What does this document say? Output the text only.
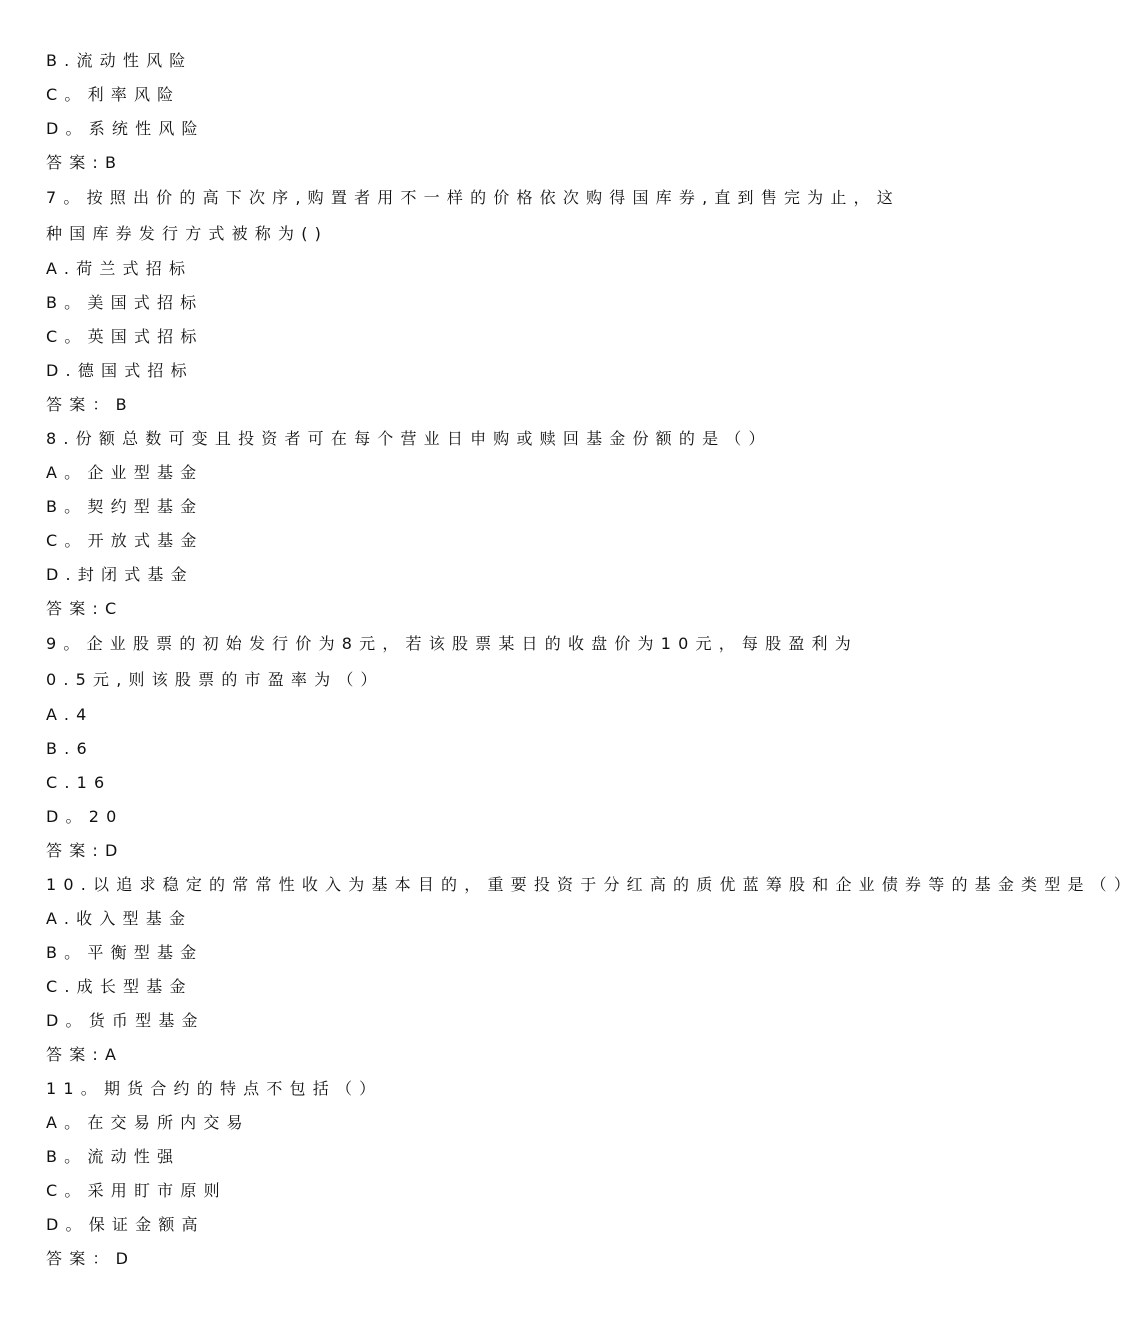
B.流动性风险
C。利率风险
D。系统性风险
答案:B
7。按照出价的高下次序,购置者用不一样的价格依次购得国库券,直到售完为止，这种国库券发行方式被称为()
A.荷兰式招标
B。美国式招标
C。英国式招标
D.德国式招标
答案：B
8.份额总数可变且投资者可在每个营业日申购或赎回基金份额的是（）
A。企业型基金
B。契约型基金
C。开放式基金
D.封闭式基金
答案:C
9。企业股票的初始发行价为8元，若该股票某日的收盘价为10元，每股盈利为0.5元,则该股票的市盈率为（）
A.4
B.6
C.16
D。20
答案:D
10.以追求稳定的常常性收入为基本目的，重要投资于分红高的质优蓝筹股和企业债券等的基金类型是（）
A.收入型基金
B。平衡型基金
C.成长型基金
D。货币型基金
答案:A
11。期货合约的特点不包括（）
A。在交易所内交易
B。流动性强
C。采用盯市原则
D。保证金额高
答案：D
